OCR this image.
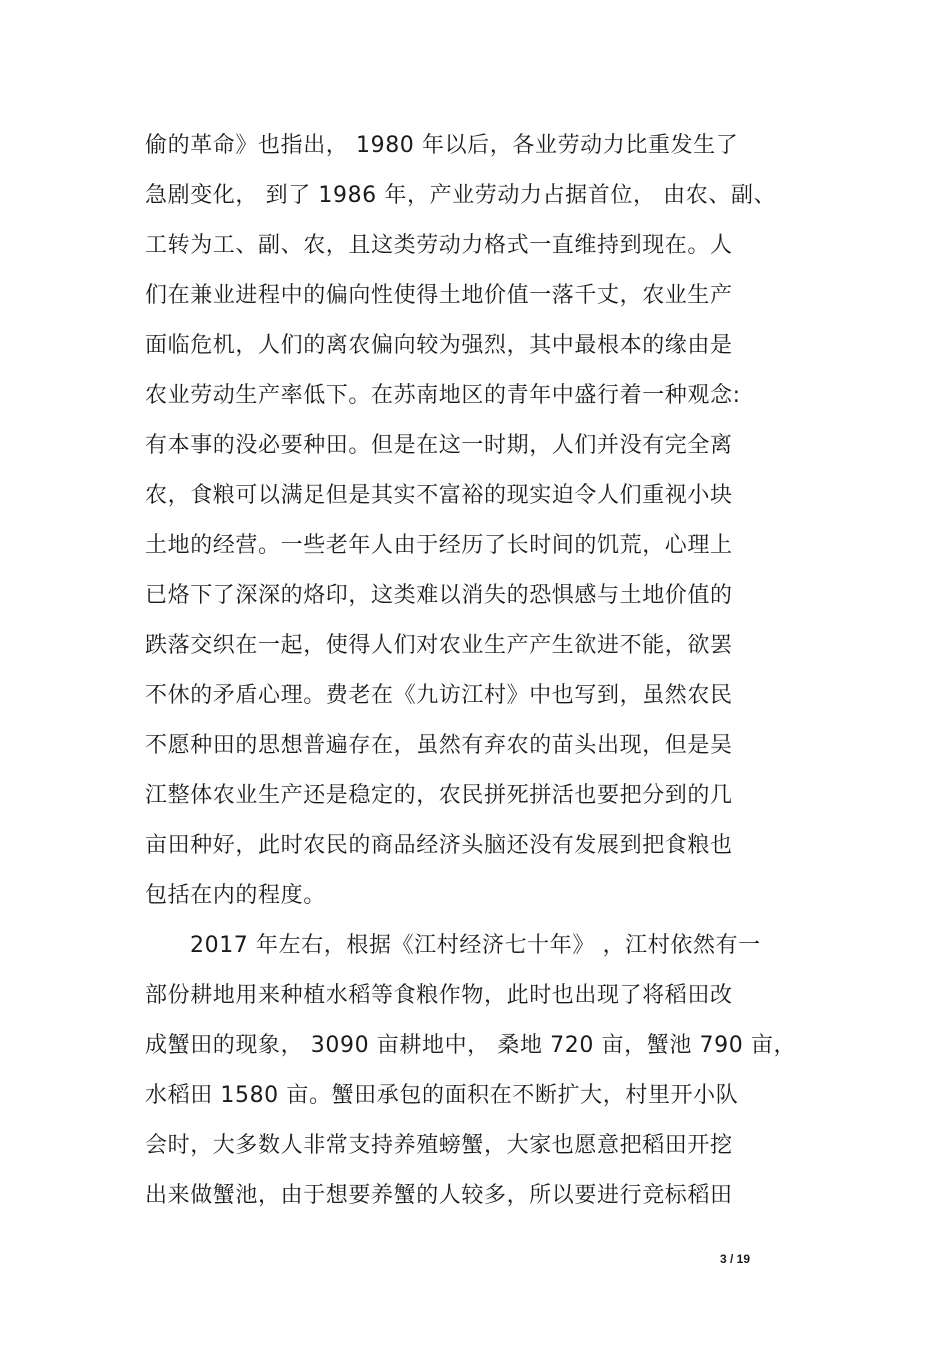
偷的革命》也指出， 1980 年以后，各业劳动力比重发生了
急剧变化， 到了 1986 年，产业劳动力占据首位， 由农、副、
工转为工、副、农，且这类劳动力格式一直维持到现在。人
们在兼业进程中的偏向性使得土地价值一落千丈，农业生产
面临危机，人们的离农偏向较为强烈，其中最根本的缘由是
农业劳动生产率低下。在苏南地区的青年中盛行着一种观念:
有本事的没必要种田。但是在这一时期，人们并没有完全离
农，食粮可以满足但是其实不富裕的现实迫令人们重视小块
土地的经营。一些老年人由于经历了长时间的饥荒，心理上
已烙下了深深的烙印，这类难以消失的恐惧感与土地价值的
跌落交织在一起，使得人们对农业生产产生欲进不能，欲罢
不休的矛盾心理。费老在《九访江村》中也写到，虽然农民
不愿种田的思想普遍存在，虽然有弃农的苗头出现，但是吴
江整体农业生产还是稳定的，农民拼死拼活也要把分到的几
亩田种好，此时农民的商品经济头脑还没有发展到把食粮也
包括在内的程度。
2017 年左右，根据《江村经济七十年》 ，江村依然有一
部份耕地用来种植水稻等食粮作物，此时也出现了将稻田改
成蟹田的现象， 3090 亩耕地中， 桑地 720 亩，蟹池 790 亩，
水稻田 1580 亩。蟹田承包的面积在不断扩大，村里开小队
会时，大多数人非常支持养殖螃蟹，大家也愿意把稻田开挖
出来做蟹池，由于想要养蟹的人较多，所以要进行竞标稻田
3 / 19
